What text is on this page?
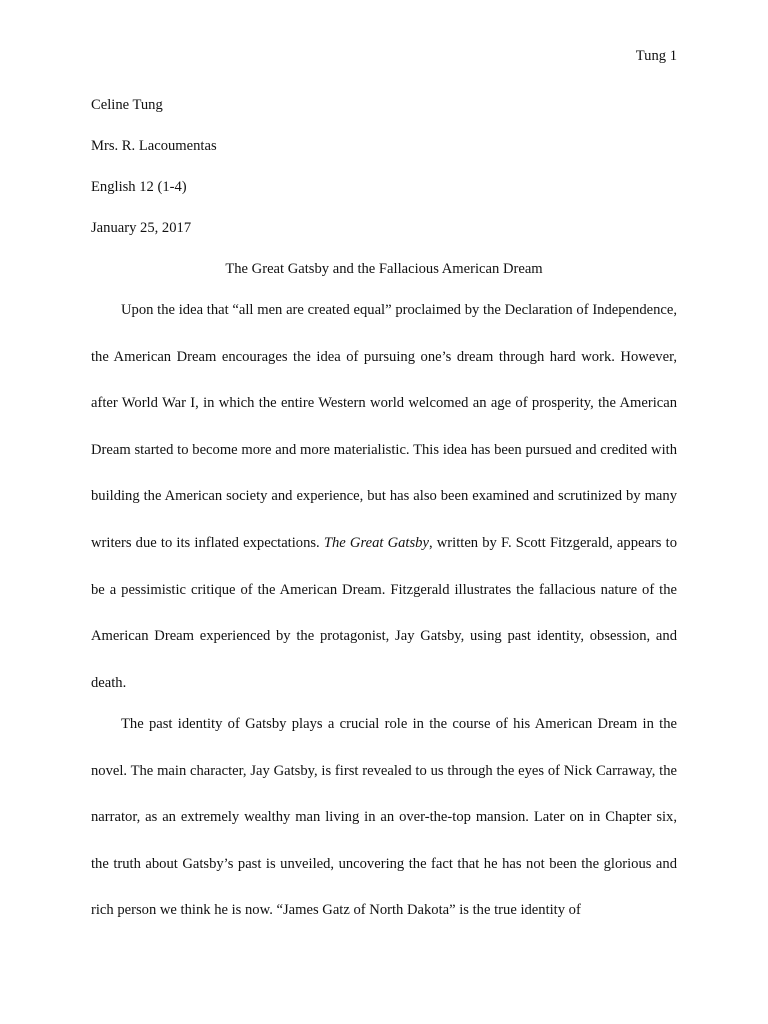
Tung 1
Celine Tung
Mrs. R. Lacoumentas
English 12 (1-4)
January 25, 2017
The Great Gatsby and the Fallacious American Dream

Upon the idea that “all men are created equal” proclaimed by the Declaration of Independence, the American Dream encourages the idea of pursuing one’s dream through hard work. However, after World War I, in which the entire Western world welcomed an age of prosperity, the American Dream started to become more and more materialistic. This idea has been pursued and credited with building the American society and experience, but has also been examined and scrutinized by many writers due to its inflated expectations. The Great Gatsby, written by F. Scott Fitzgerald, appears to be a pessimistic critique of the American Dream. Fitzgerald illustrates the fallacious nature of the American Dream experienced by the protagonist, Jay Gatsby, using past identity, obsession, and death.

The past identity of Gatsby plays a crucial role in the course of his American Dream in the novel. The main character, Jay Gatsby, is first revealed to us through the eyes of Nick Carraway, the narrator, as an extremely wealthy man living in an over-the-top mansion. Later on in Chapter six, the truth about Gatsby’s past is unveiled, uncovering the fact that he has not been the glorious and rich person we think he is now. “James Gatz of North Dakota” is the true identity of
